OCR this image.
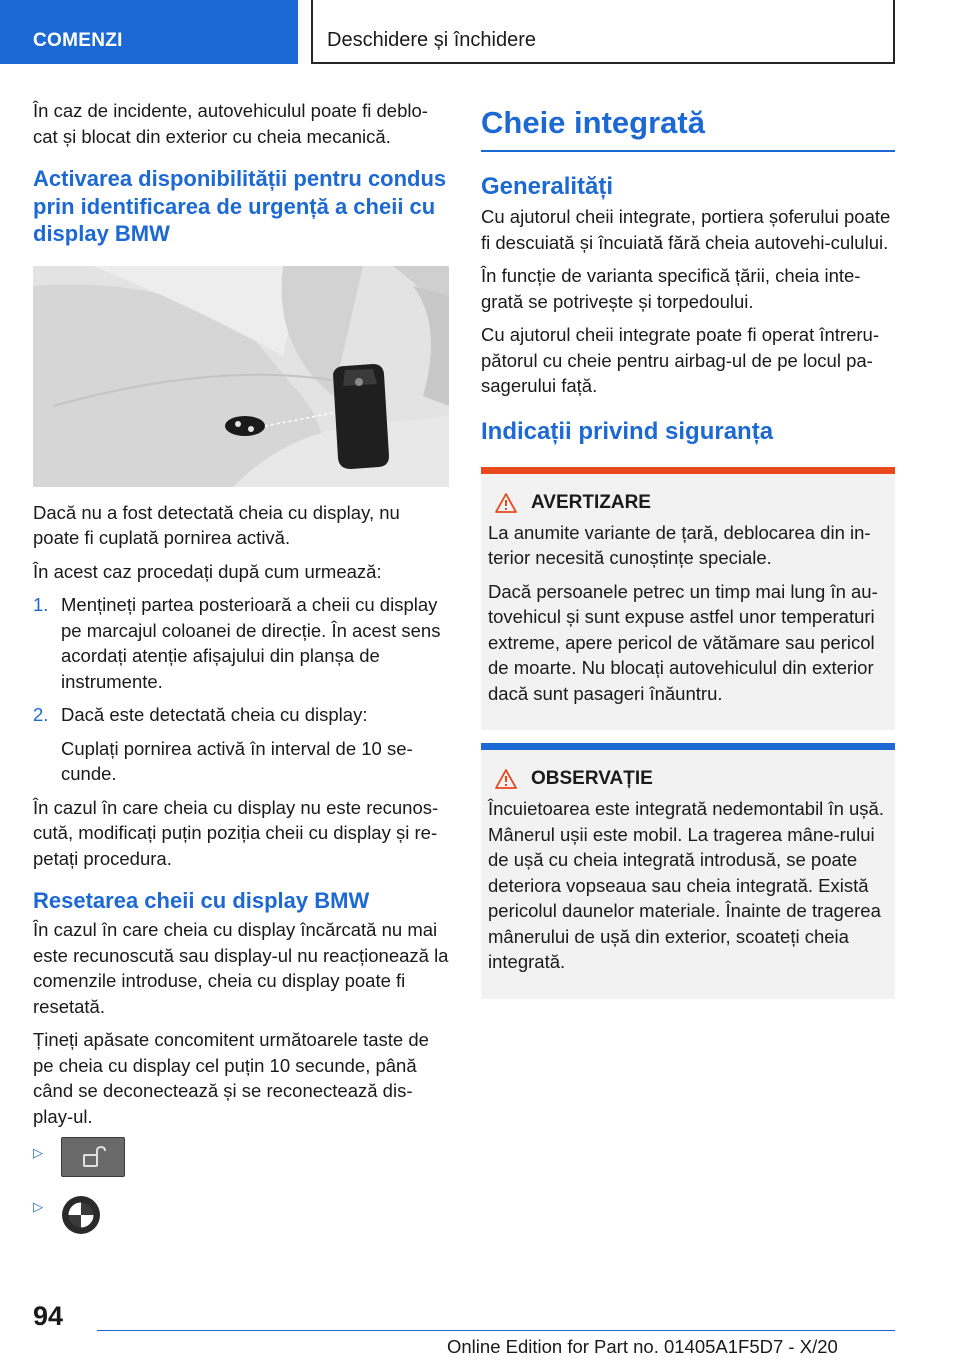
COMENZI	Deschidere și închidere

În caz de incidente, autovehiculul poate fi deblo-cat și blocat din exterior cu cheia mecanică.

Activarea disponibilității pentru condus prin identificarea de urgență a cheii cu display BMW

Dacă nu a fost detectată cheia cu display, nu poate fi cuplată pornirea activă.

În acest caz procedați după cum urmează:

1. Mențineți partea posterioară a cheii cu display pe marcajul coloanei de direcție. În acest sens acordați atenție afișajului din planșa de instrumente.
2. Dacă este detectată cheia cu display:

Cuplați pornirea activă în interval de 10 se-cunde.

În cazul în care cheia cu display nu este recunos-cută, modificați puțin poziția cheii cu display și re-petați procedura.

Resetarea cheii cu display BMW

În cazul în care cheia cu display încărcată nu mai este recunoscută sau display-ul nu reacționează la comenzile introduse, cheia cu display poate fi resetată.

Țineți apăsate concomitent următoarele taste de pe cheia cu display cel puțin 10 secunde, până când se deconectează și se reconectează dis-play-ul.

▷
▷
Cheie integrată
Generalități

Cu ajutorul cheii integrate, portiera șoferului poate fi descuiată și încuiată fără cheia autovehi-culului.

În funcție de varianta specifică țării, cheia inte-grată se potrivește și torpedoului.

Cu ajutorul cheii integrate poate fi operat întreru-pătorul cu cheie pentru airbag-ul de pe locul pa-sagerului față.

Indicații privind siguranța
AVERTIZARE

La anumite variante de țară, deblocarea din in-terior necesită cunoștințe speciale.

Dacă persoanele petrec un timp mai lung în au-tovehicul și sunt expuse astfel unor temperaturi extreme, apere pericol de vătămare sau pericol de moarte. Nu blocați autovehiculul din exterior dacă sunt pasageri înăuntru.

OBSERVAȚIE

Încuietoarea este integrată nedemontabil în ușă. Mânerul ușii este mobil. La tragerea mâne-rului de ușă cu cheia integrată introdusă, se poate deteriora vopseaua sau cheia integrată. Există pericolul daunelor materiale. Înainte de tragerea mânerului de ușă din exterior, scoateți cheia integrată.

94
Online Edition for Part no. 01405A1F5D7 - X/20
